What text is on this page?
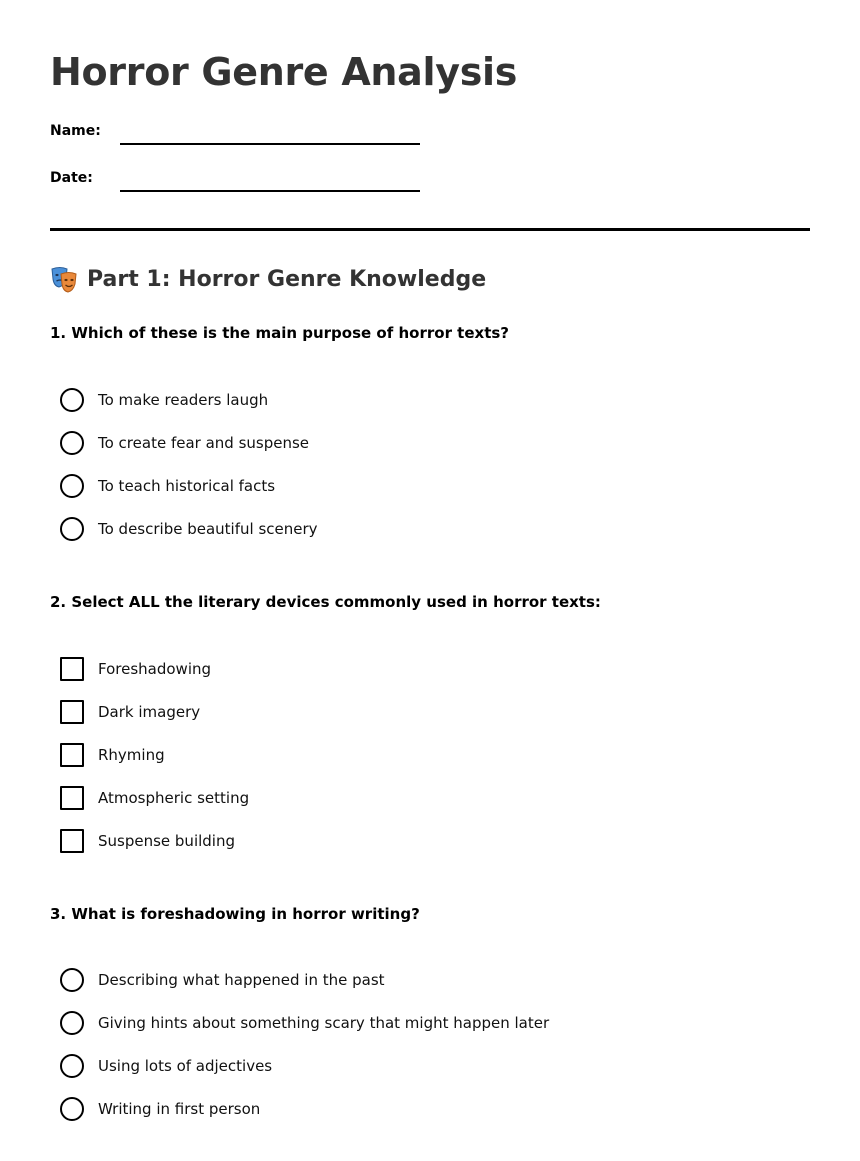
Horror Genre Analysis
Name:
Date:
Part 1: Horror Genre Knowledge

1. Which of these is the main purpose of horror texts?

To make readers laugh
To create fear and suspense
To teach historical facts
To describe beautiful scenery

2. Select ALL the literary devices commonly used in horror texts:

Foreshadowing
Dark imagery
Rhyming
Atmospheric setting
Suspense building

3. What is foreshadowing in horror writing?

Describing what happened in the past
Giving hints about something scary that might happen later
Using lots of adjectives
Writing in first person
